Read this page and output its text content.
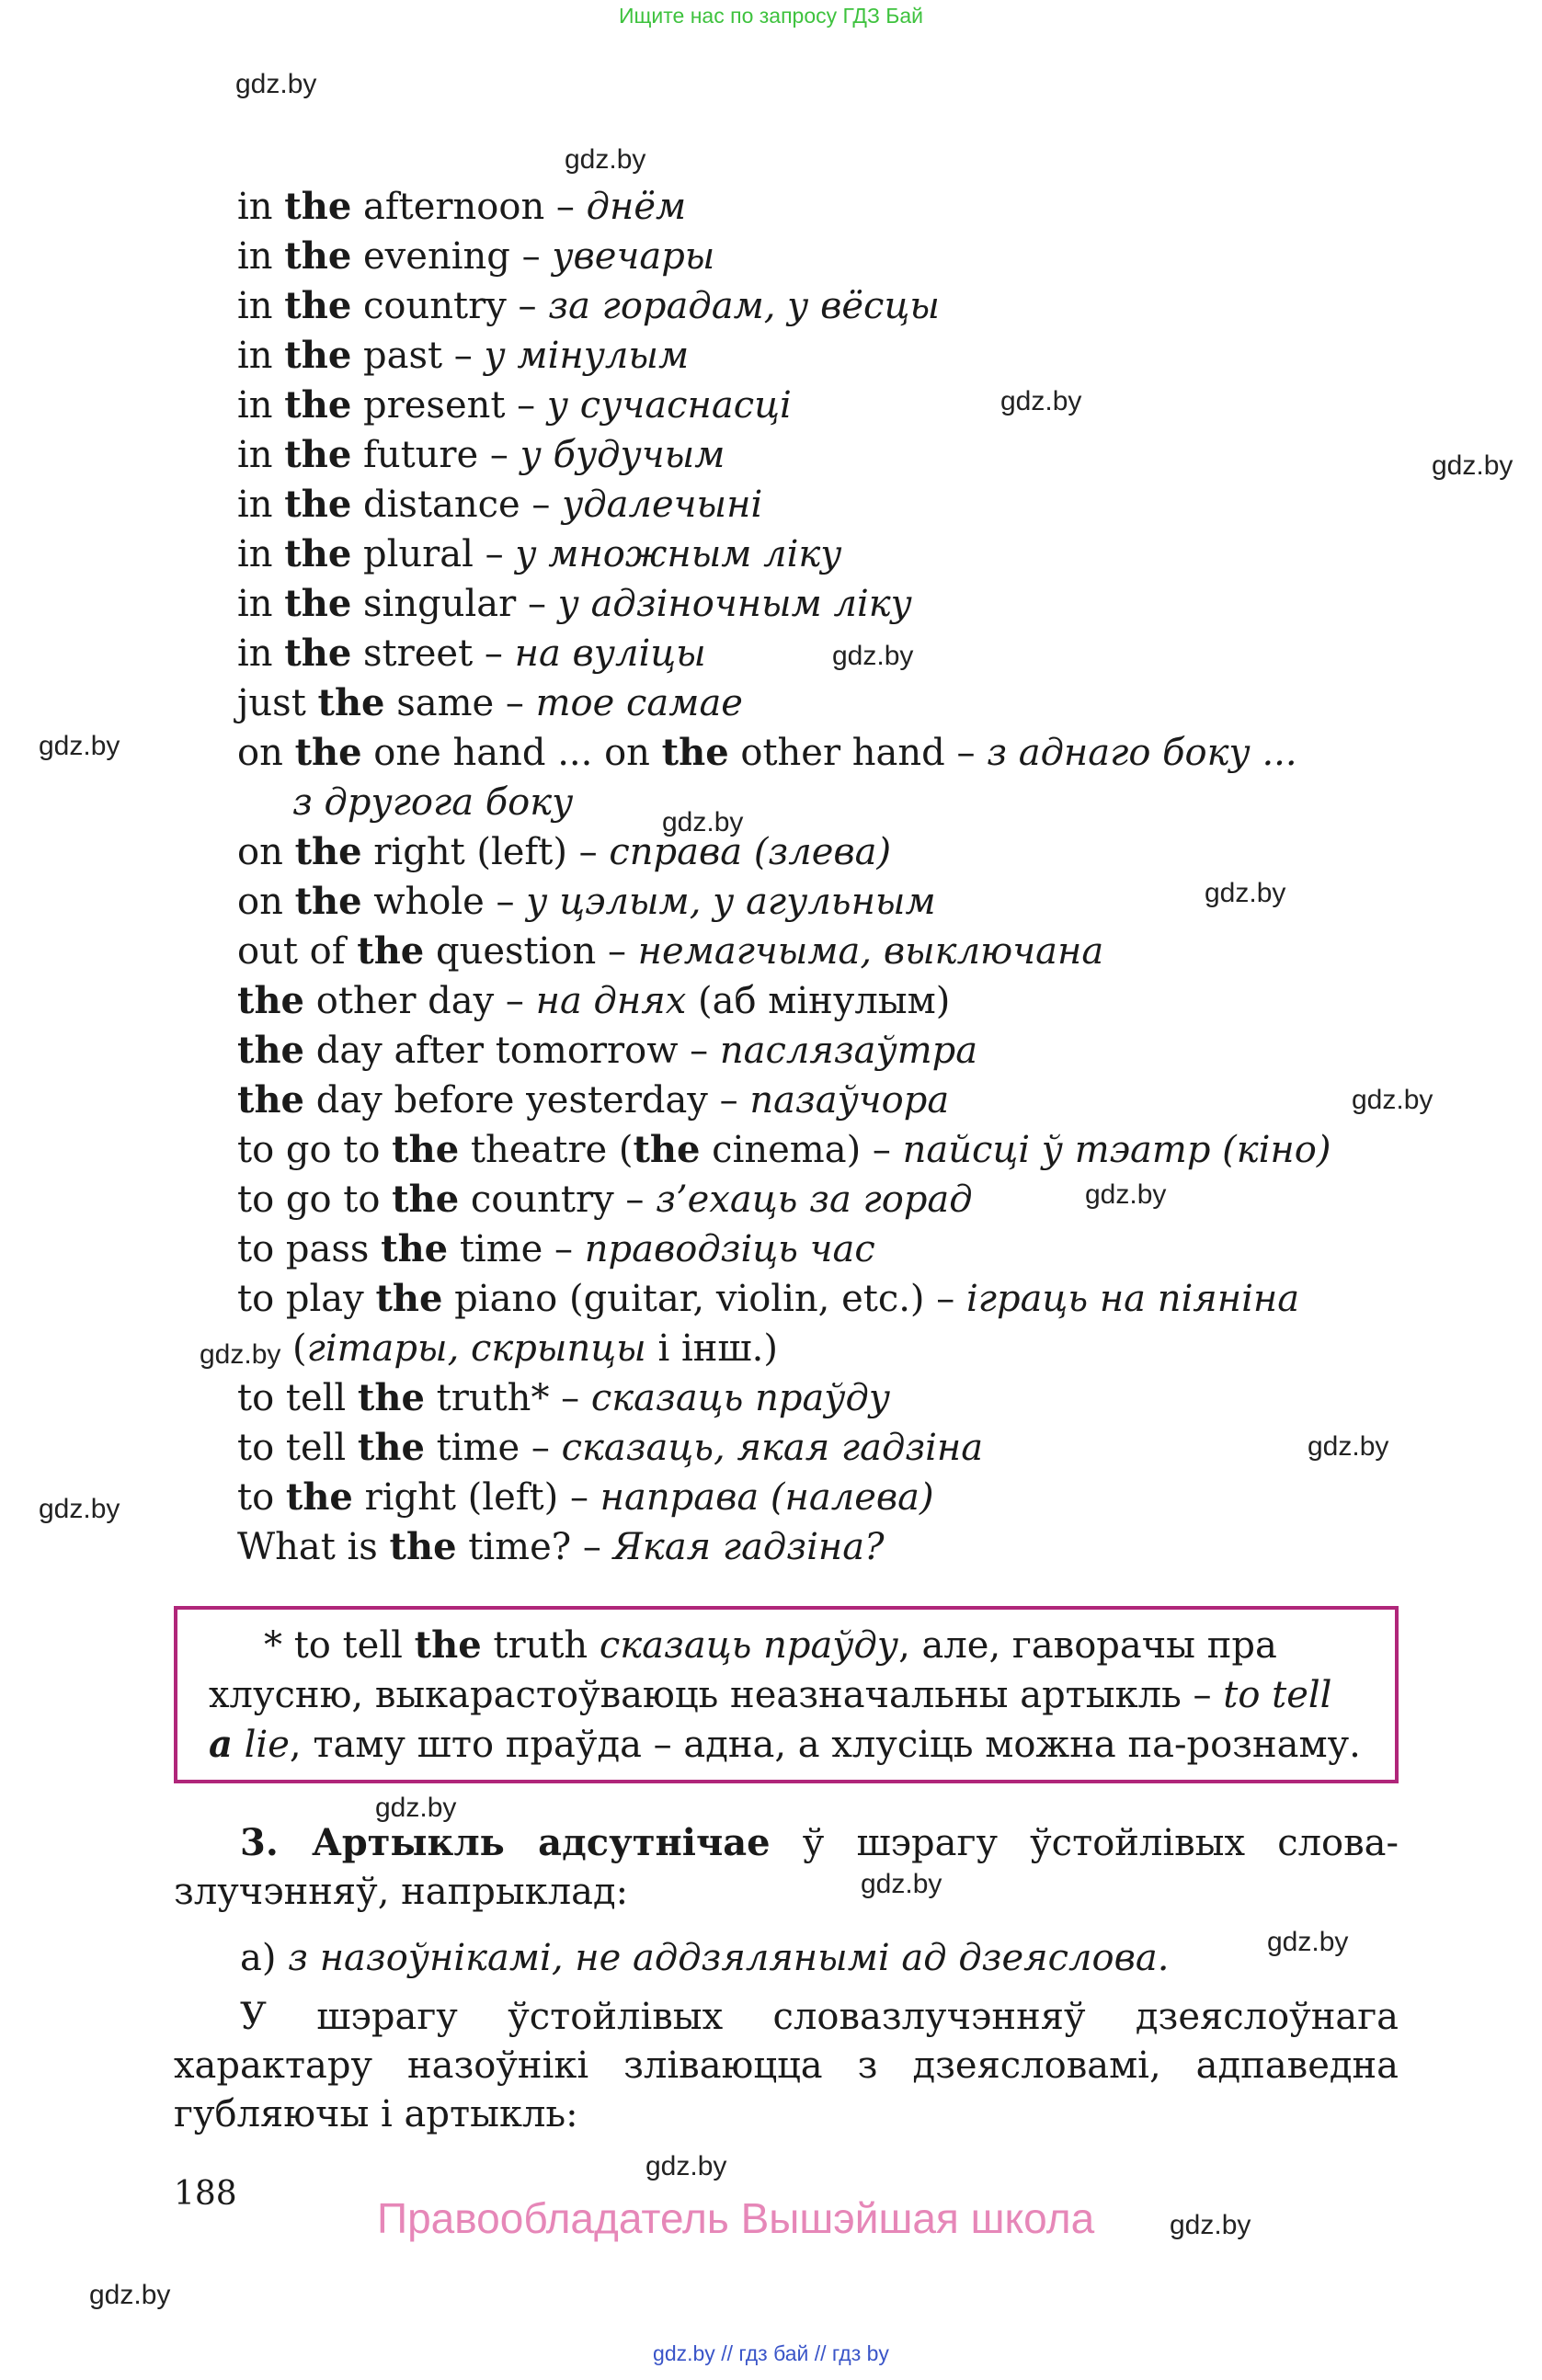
Ищите нас по запросу ГДЗ Бай
gdz.by
gdz.by
gdz.by
gdz.by
gdz.by
gdz.by
gdz.by
gdz.by
gdz.by
gdz.by
gdz.by
gdz.by
gdz.by
gdz.by
gdz.by
gdz.by
gdz.by
gdz.by
gdz.by
in the afternoon – днём
in the evening – увечары
in the country – за горадам, у вёсцы
in the past – у мінулым
in the present – у сучаснасці
in the future – у будучым
in the distance – удалечыні
in the plural – у множным ліку
in the singular – у адзіночным ліку
in the street – на вуліцы
just the same – тое самае
on the one hand ... on the other hand – з аднаго боку ...
з другога боку
on the right (left) – справа (злева)
on the whole – у цэлым, у агульным
out of the question – немагчыма, выключана
the other day – на днях (аб мінулым)
the day after tomorrow – паслязаўтра
the day before yesterday – пазаўчора
to go to the theatre (the cinema) – пайсці ў тэатр (кіно)
to go to the country – з’ехаць за горад
to pass the time – праводзіць час
to play the piano (guitar, violin, etc.) – іграць на піяніна
(гітары, скрыпцы і інш.)
to tell the truth* – сказаць праўду
to tell the time – сказаць, якая гадзіна
to the right (left) – направа (налева)
What is the time? – Якая гадзіна?
* to tell the truth сказаць праўду, але, гаворачы пра
хлусню, выкарастоўваюць неазначальны артыкль – to tell
a lie, таму што праўда – адна, а хлусіць можна па-рознаму.
3. Артыкль адсутнічае ў шэрагу ўстойлівых словазлучэнняў, напрыклад:
а) з назоўнікамі, не аддзялянымі ад дзеяслова.
У шэрагу ўстойлівых словазлучэнняў дзеяслоўнага характару назоўнікі зліваюцца з дзеясловамі, адпаведна губляючы і артыкль:
188
Правообладатель Вышэйшая школа
gdz.by // гдз бай // гдз by
